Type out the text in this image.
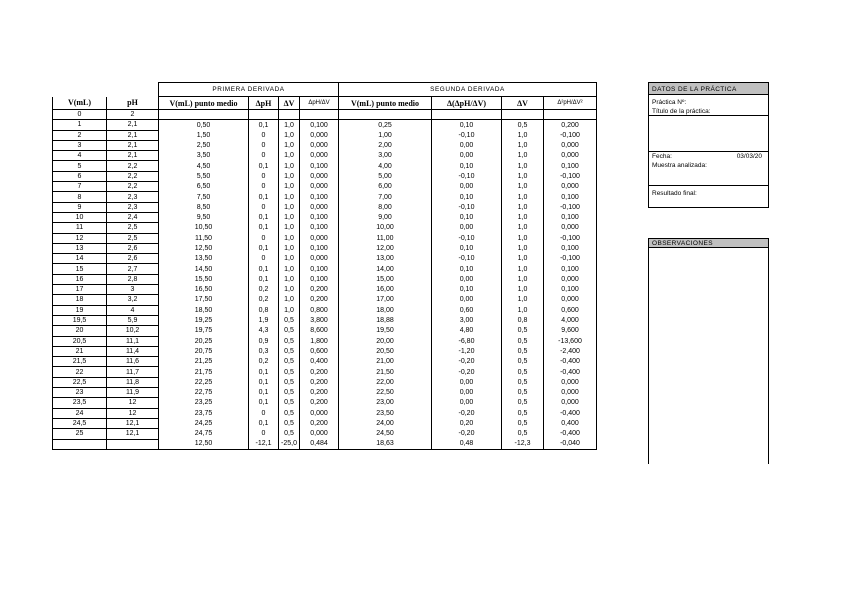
		PRIMERA DERIVADA				SEGUNDA DERIVADA			
V(mL)	pH	V(mL) punto medio	ΔpH	ΔV	ΔpH/ΔV	V(mL) punto medio	Δ(ΔpH/ΔV)	ΔV	Δ²pH/ΔV²
0	2								
1	2,1	0,50	0,1	1,0	0,100	0,25	0,10	0,5	0,200
2	2,1	1,50	0	1,0	0,000	1,00	-0,10	1,0	-0,100
3	2,1	2,50	0	1,0	0,000	2,00	0,00	1,0	0,000
4	2,1	3,50	0	1,0	0,000	3,00	0,00	1,0	0,000
5	2,2	4,50	0,1	1,0	0,100	4,00	0,10	1,0	0,100
6	2,2	5,50	0	1,0	0,000	5,00	-0,10	1,0	-0,100
7	2,2	6,50	0	1,0	0,000	6,00	0,00	1,0	0,000
8	2,3	7,50	0,1	1,0	0,100	7,00	0,10	1,0	0,100
9	2,3	8,50	0	1,0	0,000	8,00	-0,10	1,0	-0,100
10	2,4	9,50	0,1	1,0	0,100	9,00	0,10	1,0	0,100
11	2,5	10,50	0,1	1,0	0,100	10,00	0,00	1,0	0,000
12	2,5	11,50	0	1,0	0,000	11,00	-0,10	1,0	-0,100
13	2,6	12,50	0,1	1,0	0,100	12,00	0,10	1,0	0,100
14	2,6	13,50	0	1,0	0,000	13,00	-0,10	1,0	-0,100
15	2,7	14,50	0,1	1,0	0,100	14,00	0,10	1,0	0,100
16	2,8	15,50	0,1	1,0	0,100	15,00	0,00	1,0	0,000
17	3	16,50	0,2	1,0	0,200	16,00	0,10	1,0	0,100
18	3,2	17,50	0,2	1,0	0,200	17,00	0,00	1,0	0,000
19	4	18,50	0,8	1,0	0,800	18,00	0,60	1,0	0,600
19,5	5,9	19,25	1,9	0,5	3,800	18,88	3,00	0,8	4,000
20	10,2	19,75	4,3	0,5	8,600	19,50	4,80	0,5	9,600
20,5	11,1	20,25	0,9	0,5	1,800	20,00	-6,80	0,5	-13,600
21	11,4	20,75	0,3	0,5	0,600	20,50	-1,20	0,5	-2,400
21,5	11,6	21,25	0,2	0,5	0,400	21,00	-0,20	0,5	-0,400
22	11,7	21,75	0,1	0,5	0,200	21,50	-0,20	0,5	-0,400
22,5	11,8	22,25	0,1	0,5	0,200	22,00	0,00	0,5	0,000
23	11,9	22,75	0,1	0,5	0,200	22,50	0,00	0,5	0,000
23,5	12	23,25	0,1	0,5	0,200	23,00	0,00	0,5	0,000
24	12	23,75	0	0,5	0,000	23,50	-0,20	0,5	-0,400
24,5	12,1	24,25	0,1	0,5	0,200	24,00	0,20	0,5	0,400
25	12,1	24,75	0	0,5	0,000	24,50	-0,20	0,5	-0,400
		12,50	-12,1	-25,0	0,484	18,63	0,48	-12,3	-0,040
DATOS DE LA PRÁCTICA
Práctica Nº:
Título de la práctica:
Fecha:	03/03/20
Muestra analizada:
Resultado final:
OBSERVACIONES
